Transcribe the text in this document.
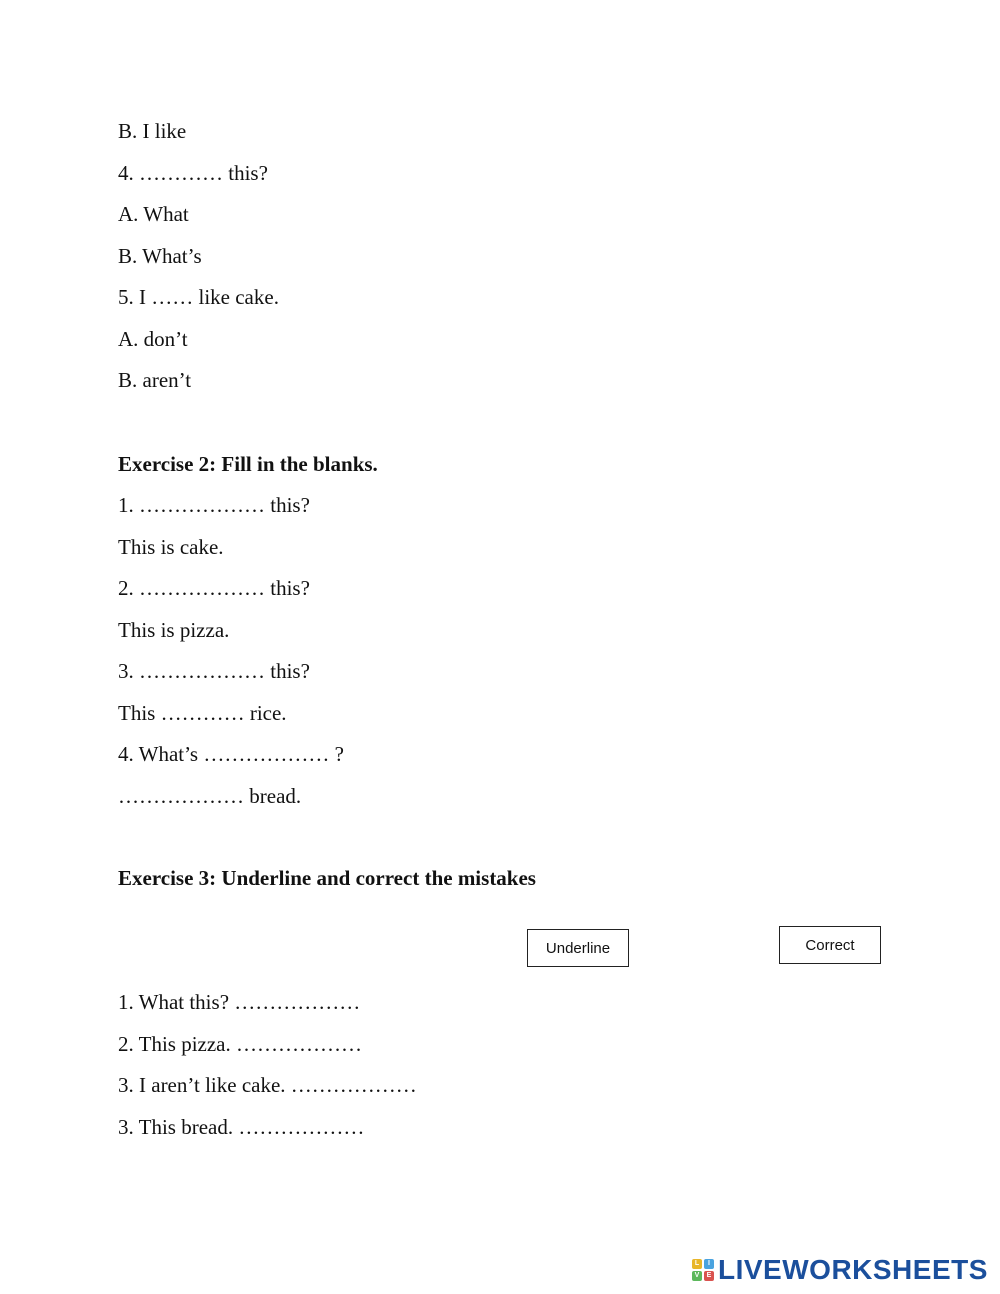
B. I like
4. ………… this?
A. What
B. What’s
5. I …… like cake.
A. don’t
B. aren’t
Exercise 2: Fill in the blanks.
1. ……………… this?
This is cake.
2. ……………… this?
This is pizza.
3. ……………… this?
This ………… rice.
4. What’s ……………… ?
……………… bread.
Exercise 3: Underline and correct the mistakes
Underline	Correct
1. What this? ………………
2. This pizza. ………………
3. I aren’t like cake. ………………
3. This bread. ………………
L	I
V	E LIVEWORKSHEETS
